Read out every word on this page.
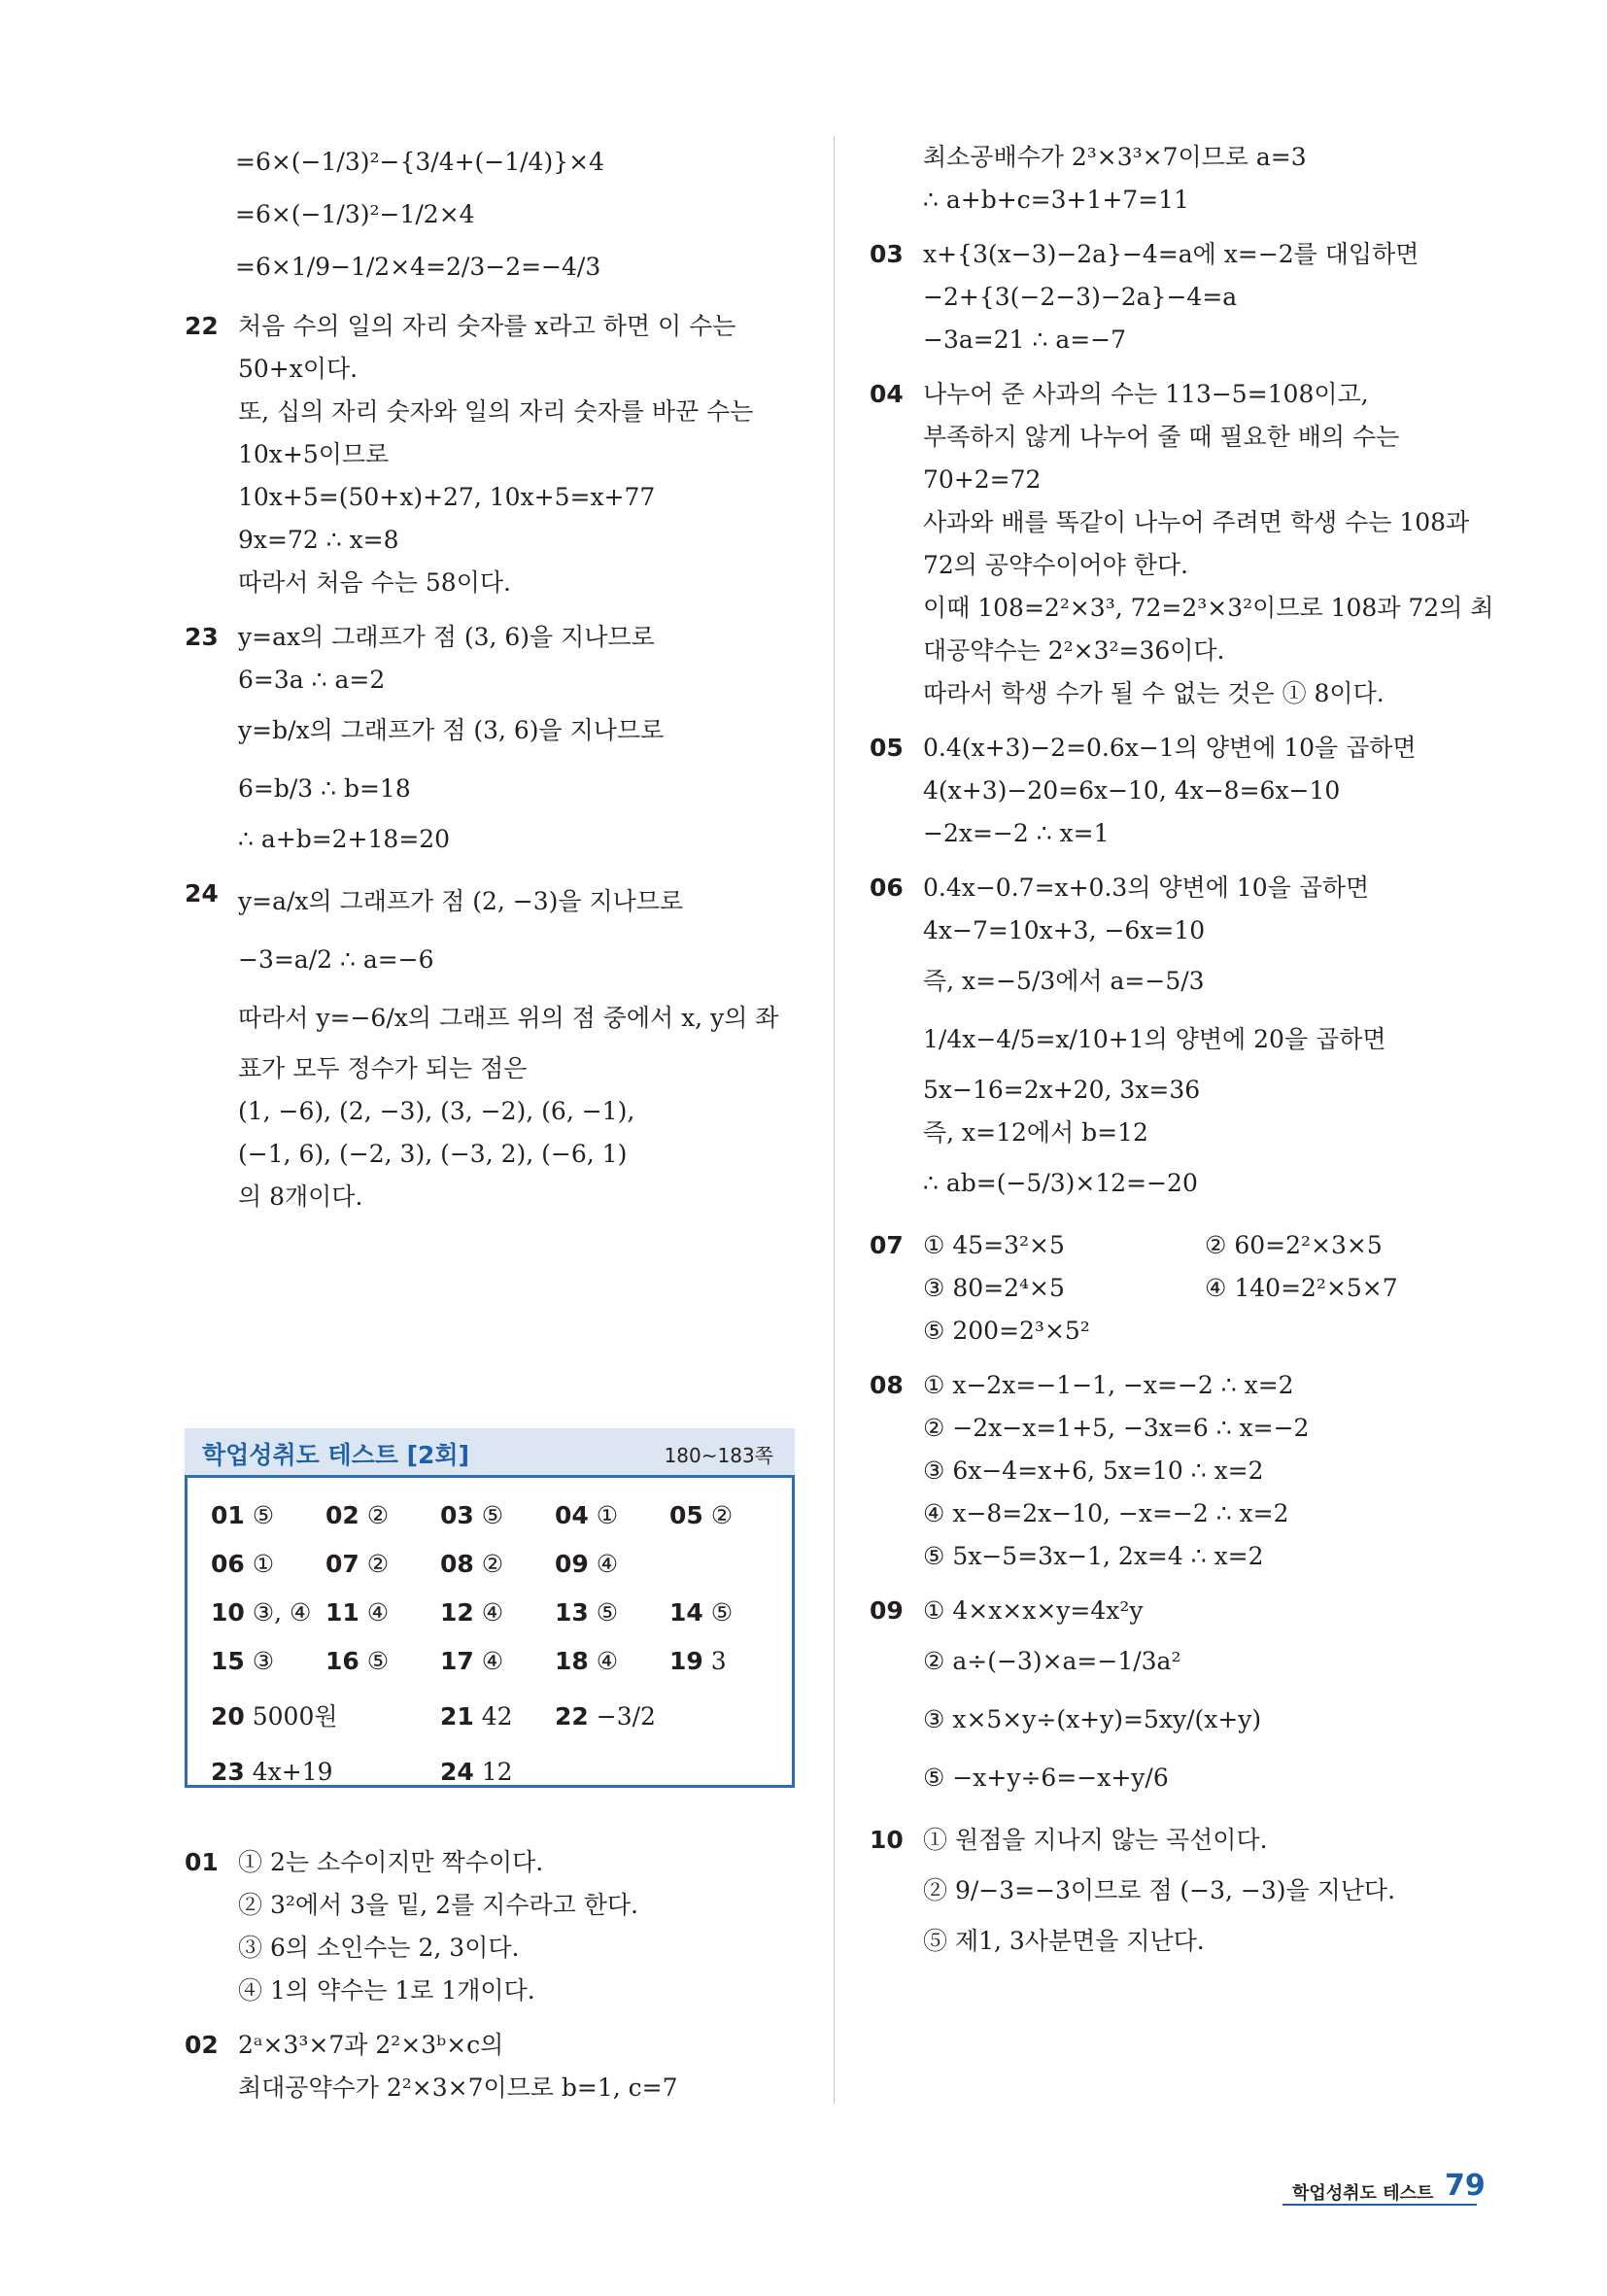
=6×(−1/3)²−{3/4+(−1/4)}×4
=6×(−1/3)²−1/2×4
=6×1/9−1/2×4=2/3−2=−4/3
22 처음 수의 일의 자리 숫자를 x라고 하면 이 수는
50+x이다.
또, 십의 자리 숫자와 일의 자리 숫자를 바꾼 수는
10x+5이므로
10x+5=(50+x)+27, 10x+5=x+77
9x=72 ∴ x=8
따라서 처음 수는 58이다.
23 y=ax의 그래프가 점 (3, 6)을 지나므로
6=3a ∴ a=2
y=b/x의 그래프가 점 (3, 6)을 지나므로
6=b/3 ∴ b=18
∴ a+b=2+18=20
24 y=a/x의 그래프가 점 (2, −3)을 지나므로
−3=a/2 ∴ a=−6
따라서 y=−6/x의 그래프 위의 점 중에서 x, y의 좌
표가 모두 정수가 되는 점은
(1, −6), (2, −3), (3, −2), (6, −1),
(−1, 6), (−2, 3), (−3, 2), (−6, 1)
의 8개이다.
학업성취도 테스트 [2회]	180~183쪽
01 ⑤ 02 ② 03 ⑤ 04 ① 05 ②
06 ① 07 ② 08 ② 09 ④
10 ③, ④ 11 ④ 12 ④ 13 ⑤ 14 ⑤
15 ③ 16 ⑤ 17 ④ 18 ④ 19 3
20 5000원	21 42 22 −3/2
23 4x+19	24 12
01 ① 2는 소수이지만 짝수이다.
② 3²에서 3을 밑, 2를 지수라고 한다.
③ 6의 소인수는 2, 3이다.
④ 1의 약수는 1로 1개이다.
02 2ᵃ×3³×7과 2²×3ᵇ×c의
최대공약수가 2²×3×7이므로 b=1, c=7
최소공배수가 2³×3³×7이므로 a=3
∴ a+b+c=3+1+7=11
03 x+{3(x−3)−2a}−4=a에 x=−2를 대입하면
−2+{3(−2−3)−2a}−4=a
−3a=21 ∴ a=−7
04 나누어 준 사과의 수는 113−5=108이고,
부족하지 않게 나누어 줄 때 필요한 배의 수는
70+2=72
사과와 배를 똑같이 나누어 주려면 학생 수는 108과
72의 공약수이어야 한다.
이때 108=2²×3³, 72=2³×3²이므로 108과 72의 최
대공약수는 2²×3²=36이다.
따라서 학생 수가 될 수 없는 것은 ① 8이다.
05 0.4(x+3)−2=0.6x−1의 양변에 10을 곱하면
4(x+3)−20=6x−10, 4x−8=6x−10
−2x=−2 ∴ x=1
06 0.4x−0.7=x+0.3의 양변에 10을 곱하면
4x−7=10x+3, −6x=10
즉, x=−5/3에서 a=−5/3
1/4x−4/5=x/10+1의 양변에 20을 곱하면
5x−16=2x+20, 3x=36
즉, x=12에서 b=12
∴ ab=(−5/3)×12=−20
07 ① 45=3²×5	② 60=2²×3×5
③ 80=2⁴×5	④ 140=2²×5×7
⑤ 200=2³×5²
08 ① x−2x=−1−1, −x=−2 ∴ x=2
② −2x−x=1+5, −3x=6 ∴ x=−2
③ 6x−4=x+6, 5x=10 ∴ x=2
④ x−8=2x−10, −x=−2 ∴ x=2
⑤ 5x−5=3x−1, 2x=4 ∴ x=2
09 ① 4×x×x×y=4x²y
② a÷(−3)×a=−1/3a²
③ x×5×y÷(x+y)=5xy/(x+y)
⑤ −x+y÷6=−x+y/6
10 ① 원점을 지나지 않는 곡선이다.
② 9/−3=−3이므로 점 (−3, −3)을 지난다.
⑤ 제1, 3사분면을 지난다.
학업성취도 테스트 79
